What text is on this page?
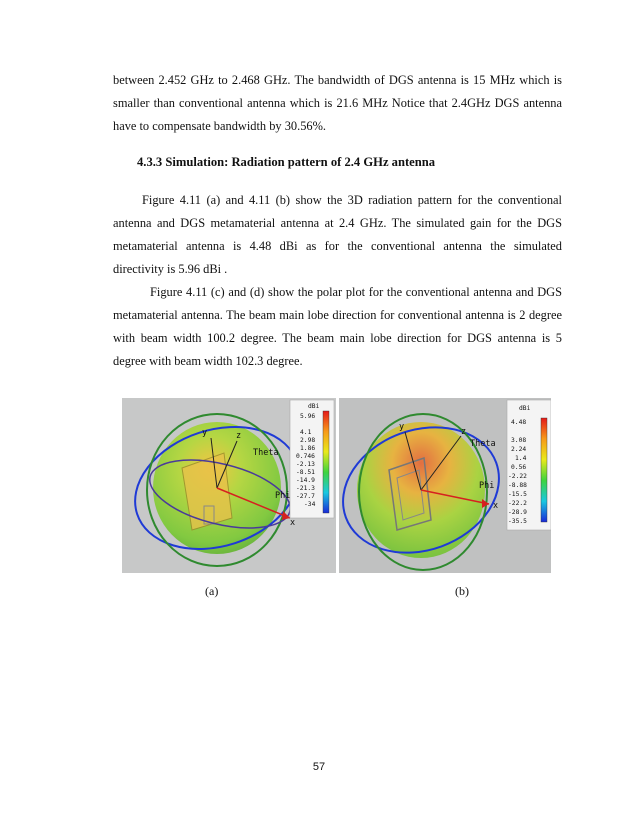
between 2.452 GHz to 2.468 GHz. The bandwidth of DGS antenna is 15 MHz which is
smaller than conventional antenna which is 21.6 MHz Notice that 2.4GHz DGS antenna
have to compensate bandwidth by 30.56%.

4.3.3 Simulation: Radiation pattern of 2.4 GHz antenna
Figure 4.11 (a) and 4.11 (b) show the 3D radiation pattern for the conventional
antenna and DGS metamaterial antenna at 2.4 GHz. The simulated gain for the DGS
metamaterial antenna is 4.48 dBi as for the conventional antenna the simulated
directivity is 5.96 dBi .
Figure 4.11 (c) and (d) show the polar plot for the conventional antenna and DGS
metamaterial antenna. The beam main lobe direction for conventional antenna is 2 degree
with beam width 100.2 degree. The beam main lobe direction for DGS antenna is 5
degree with beam width 102.3 degree.
y	z
Theta
Phi
x
dBi
5.96
4.1
2.98
1.86
0.746
-2.13
-8.51
-14.9
-21.3
-27.7
-34
y	z
Theta
Phi
x
dBi
4.48
3.08
2.24
1.4
0.56
-2.22
-8.88
-15.5
-22.2
-28.9
-35.5
(a)	(b)
57
